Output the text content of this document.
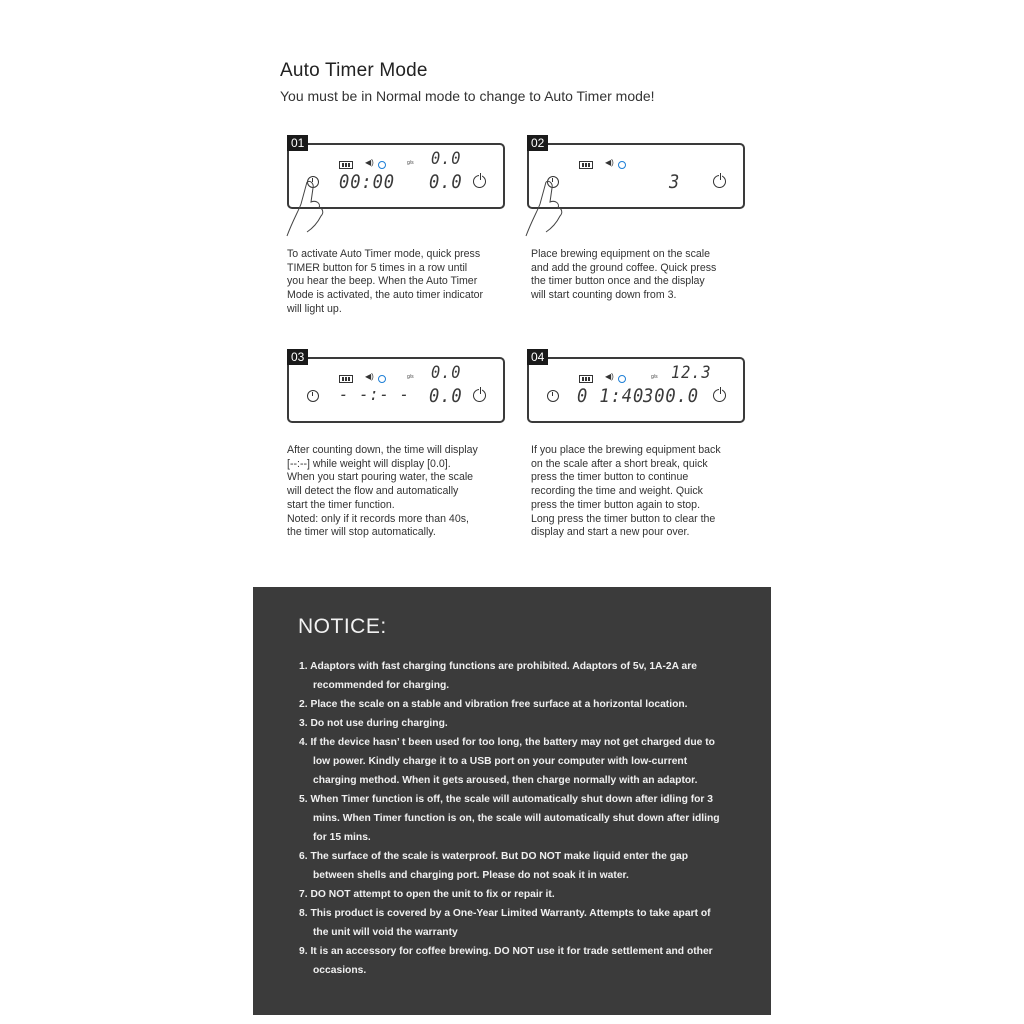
Auto Timer Mode
You must be in Normal mode to change to Auto Timer mode!
01
◀)	g/s 0.0
00:00 0.0
To activate Auto Timer mode, quick press
TIMER button for 5 times in a row until
you hear the beep. When the Auto Timer
Mode is activated, the auto timer indicator
will light up.
02
◀)
3
Place brewing equipment on the scale
and add the ground coffee. Quick press
the timer button once and the display
will start counting down from 3.
03
◀)	g/s 0.0
- -:- - 0.0
After counting down, the time will display
[--:--] while weight will display [0.0].
When you start pouring water, the scale
will detect the flow and automatically
start the timer function.
Noted: only if it records more than 40s,
the timer will stop automatically.
04
◀)	g/s 12.3
0 1:40
300.0
If you place the brewing equipment back
on the scale after a short break, quick
press the timer button to continue
recording the time and weight. Quick
press the timer button again to stop.
Long press the timer button to clear the
display and start a new pour over.
NOTICE:
1. Adaptors with fast charging functions are prohibited. Adaptors of 5v, 1A-2A are
recommended for charging.
2. Place the scale on a stable and vibration free surface at a horizontal location.
3. Do not use during charging.
4. If the device hasn’ t been used for too long, the battery may not get charged due to
low power. Kindly charge it to a USB port on your computer with low-current
charging method. When it gets aroused, then charge normally with an adaptor.
5. When Timer function is off, the scale will automatically shut down after idling for 3
mins. When Timer function is on, the scale will automatically shut down after idling
for 15 mins.
6. The surface of the scale is waterproof. But DO NOT make liquid enter the gap
between shells and charging port. Please do not soak it in water.
7. DO NOT attempt to open the unit to fix or repair it.
8. This product is covered by a One-Year Limited Warranty. Attempts to take apart of
the unit will void the warranty
9. It is an accessory for coffee brewing. DO NOT use it for trade settlement and other
occasions.
